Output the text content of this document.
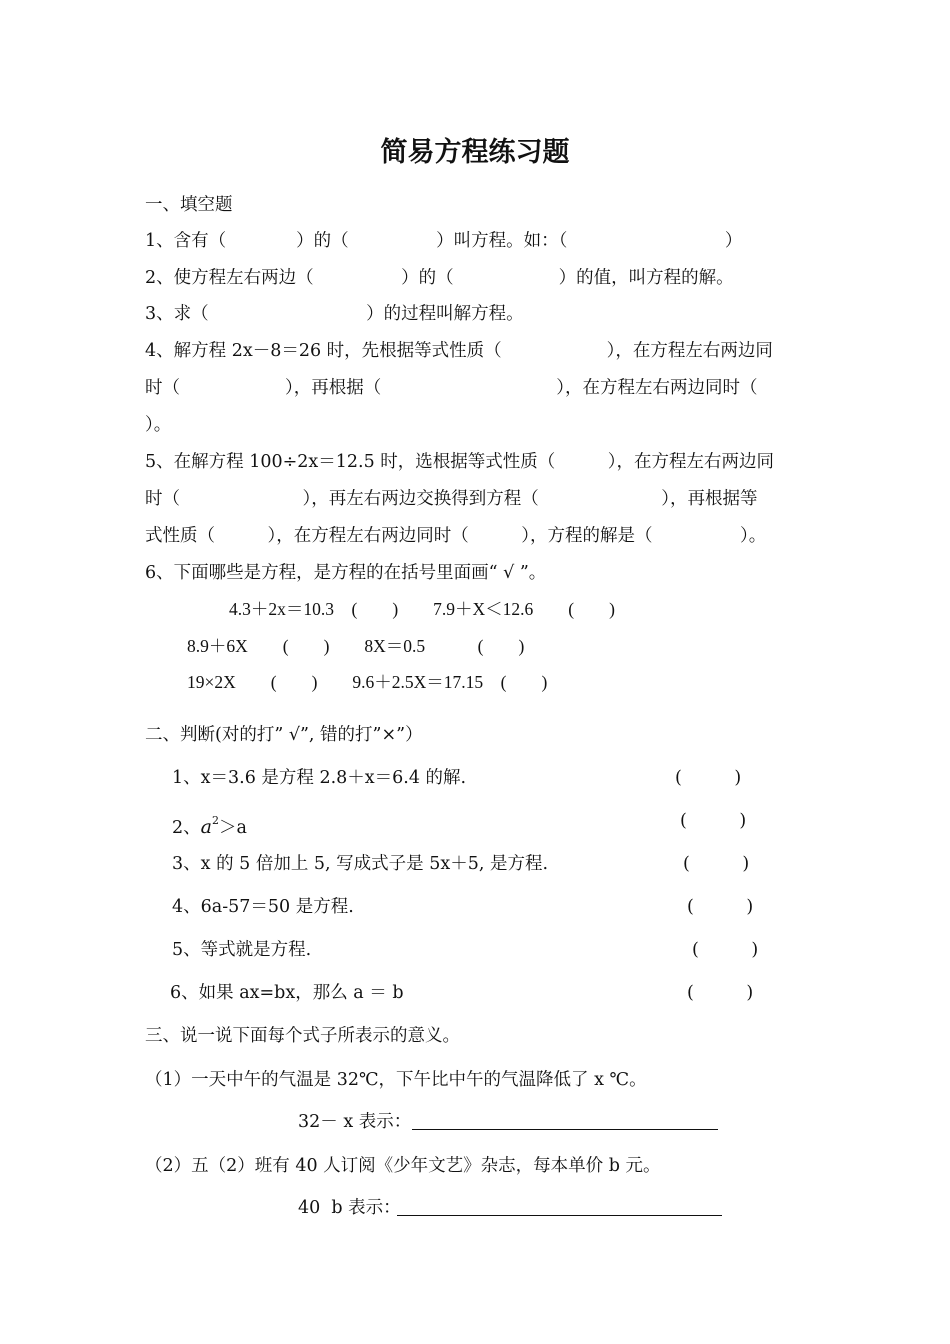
简易方程练习题
一、填空题
1、含有（　　　　）的（　　　　　）叫方程。如：（　　　　　　　　　）
2、使方程左右两边（　　　　　）的（　　　　　　）的值，叫方程的解。
3、求（　　　　　　　　　）的过程叫解方程。
4、解方程 2x－8＝26 时，先根据等式性质（　　　　　　），在方程左右两边同
时（　　　　　　），再根据（　　　　　　　　　　），在方程左右两边同时（
）。
5、在解方程 100÷2x＝12.5 时，选根据等式性质（　　　），在方程左右两边同
时（　　　　　　　），再左右两边交换得到方程（　　　　　　　），再根据等
式性质（　　　），在方程左右两边同时（　　　），方程的解是（　　　　　）。
6、下面哪些是方程，是方程的在括号里面画“ √ ”。
4.3＋2x＝10.3　(　　)　　7.9＋X＜12.6　　(　　)
8.9＋6X　　(　　)　　8X＝0.5　　　(　　)
19×2X　　(　　)　　9.6＋2.5X＝17.15　(　　)
二、判断(对的打” √”, 错的打”×”）
1、x＝3.6 是方程 2.8＋x＝6.4 的解.	(　　　)
2、$a^2>a$	(　　　)
3、x 的 5 倍加上 5, 写成式子是 5x＋5, 是方程.	(　　　)
4、6a-57＝50 是方程.	(　　　)
5、等式就是方程.	(　　　)
6、如果 ax=bx，那么 a ＝ b	(　　　)
三、说一说下面每个式子所表示的意义。
（1）一天中午的气温是 32℃，下午比中午的气温降低了 x ℃。
32－ x 表示：
（2）五（2）班有 40 人订阅《少年文艺》杂志，每本单价 b 元。
40  b 表示：
